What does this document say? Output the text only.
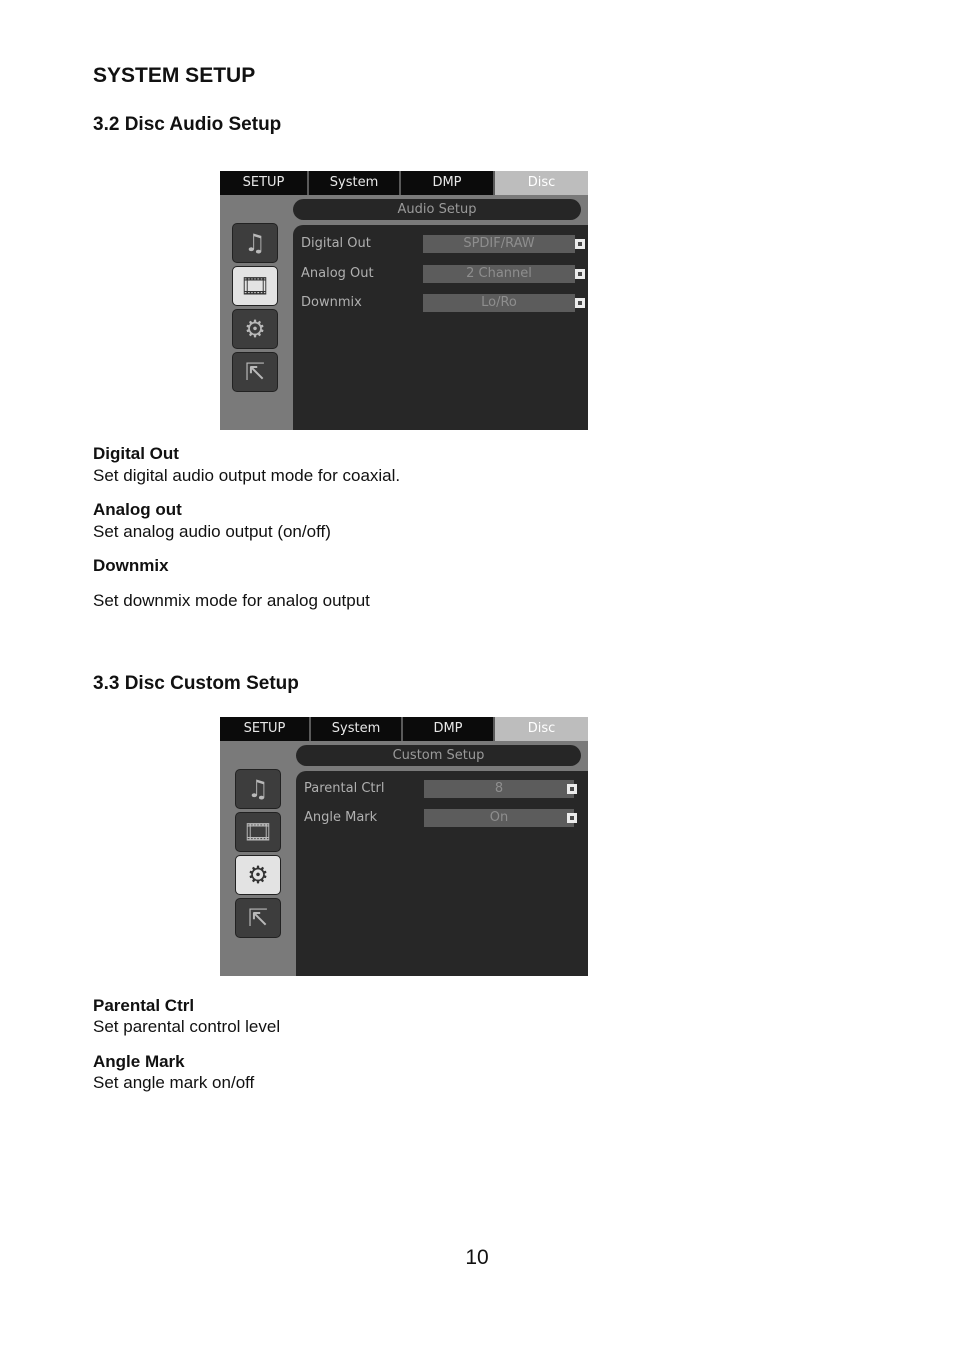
SYSTEM SETUP
3.2 Disc Audio Setup
SETUP	System	DMP	Disc
Audio Setup
♫
🎞
⚙
⇱
Digital Out	SPDIF/RAW
Analog Out	2 Channel
Downmix	Lo/Ro
Digital Out
Set digital audio output mode for coaxial.
Analog out
Set analog audio output (on/off)
Downmix
Set downmix mode for analog output
3.3 Disc Custom Setup
SETUP	System	DMP	Disc
Custom Setup
♫
🎞
⚙
⇱
Parental Ctrl	8
Angle Mark	On
Parental Ctrl
Set parental control level
Angle Mark
Set angle mark on/off
10
